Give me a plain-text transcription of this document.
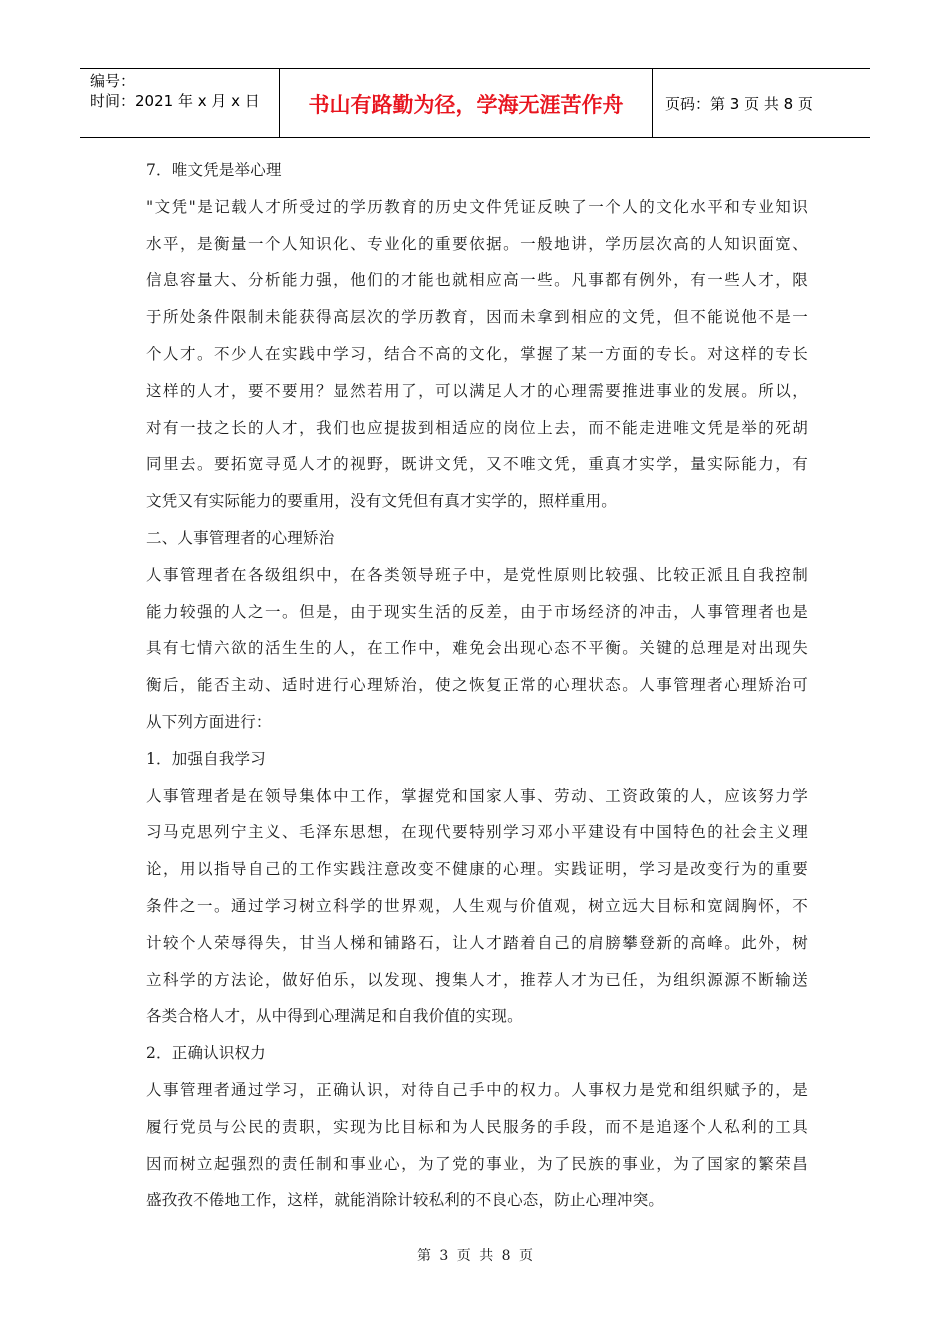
编号：
时间：2021 年 x 月 x 日	书山有路勤为径，学海无涯苦作舟	页码：第 3 页 共 8 页
7．唯文凭是举心理
"文凭"是记载人才所受过的学历教育的历史文件凭证反映了一个人的文化水平和专业知识
水平，是衡量一个人知识化、专业化的重要依据。一般地讲，学历层次高的人知识面宽、
信息容量大、分析能力强，他们的才能也就相应高一些。凡事都有例外，有一些人才，限
于所处条件限制未能获得高层次的学历教育，因而未拿到相应的文凭，但不能说他不是一
个人才。不少人在实践中学习，结合不高的文化，掌握了某一方面的专长。对这样的专长
这样的人才，要不要用？显然若用了，可以满足人才的心理需要推进事业的发展。所以，
对有一技之长的人才，我们也应提拔到相适应的岗位上去，而不能走进唯文凭是举的死胡
同里去。要拓宽寻觅人才的视野，既讲文凭，又不唯文凭，重真才实学，量实际能力，有
文凭又有实际能力的要重用，没有文凭但有真才实学的，照样重用。
二、人事管理者的心理矫治
人事管理者在各级组织中，在各类领导班子中，是党性原则比较强、比较正派且自我控制
能力较强的人之一。但是，由于现实生活的反差，由于市场经济的冲击，人事管理者也是
具有七情六欲的活生生的人，在工作中，难免会出现心态不平衡。关键的总理是对出现失
衡后，能否主动、适时进行心理矫治，使之恢复正常的心理状态。人事管理者心理矫治可
从下列方面进行：
1．加强自我学习
人事管理者是在领导集体中工作，掌握党和国家人事、劳动、工资政策的人，应该努力学
习马克思列宁主义、毛泽东思想，在现代要特别学习邓小平建设有中国特色的社会主义理
论，用以指导自己的工作实践注意改变不健康的心理。实践证明，学习是改变行为的重要
条件之一。通过学习树立科学的世界观，人生观与价值观，树立远大目标和宽阔胸怀，不
计较个人荣辱得失，甘当人梯和铺路石，让人才踏着自己的肩膀攀登新的高峰。此外，树
立科学的方法论，做好伯乐，以发现、搜集人才，推荐人才为已任，为组织源源不断输送
各类合格人才，从中得到心理满足和自我价值的实现。
2．正确认识权力
人事管理者通过学习，正确认识，对待自己手中的权力。人事权力是党和组织赋予的，是
履行党员与公民的责职，实现为比目标和为人民服务的手段，而不是追逐个人私利的工具
因而树立起强烈的责任制和事业心，为了党的事业，为了民族的事业，为了国家的繁荣昌
盛孜孜不倦地工作，这样，就能消除计较私利的不良心态，防止心理冲突。
第 3 页 共 8 页
